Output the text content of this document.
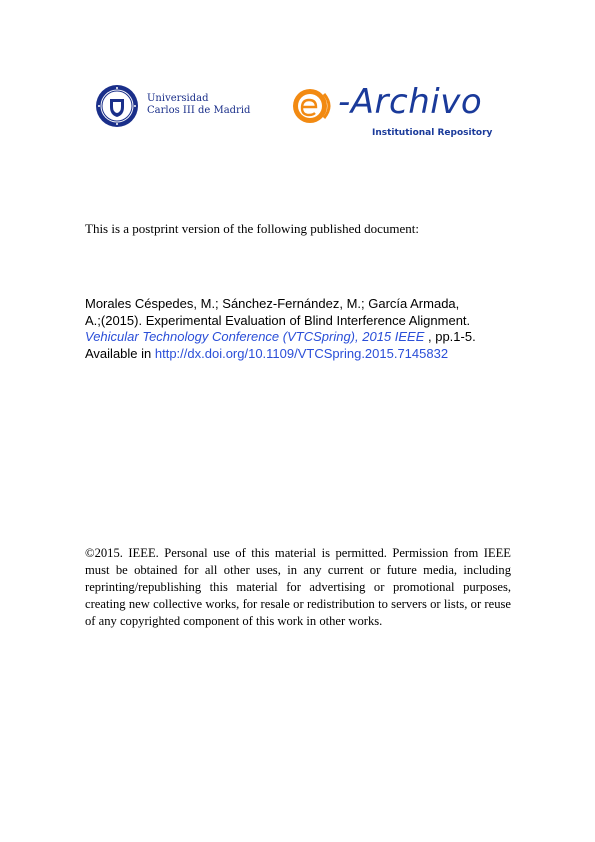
Universidad
Carlos III de Madrid	-Archivo
Institutional Repository
This is a postprint version of the following published document:
Morales Céspedes, M.; Sánchez-Fernández, M.; García Armada,
A.;(2015). Experimental Evaluation of Blind Interference Alignment.
Vehicular Technology Conference (VTCSpring), 2015 IEEE , pp.1-5.
Available in http://dx.doi.org/10.1109/VTCSpring.2015.7145832
©2015. IEEE. Personal use of this material is permitted. Permission from IEEE must be obtained for all other uses, in any current or future media, including reprinting/republishing this material for advertising or promotional purposes, creating new collective works, for resale or redistribution to servers or lists, or reuse of any copyrighted component of this work in other works.
